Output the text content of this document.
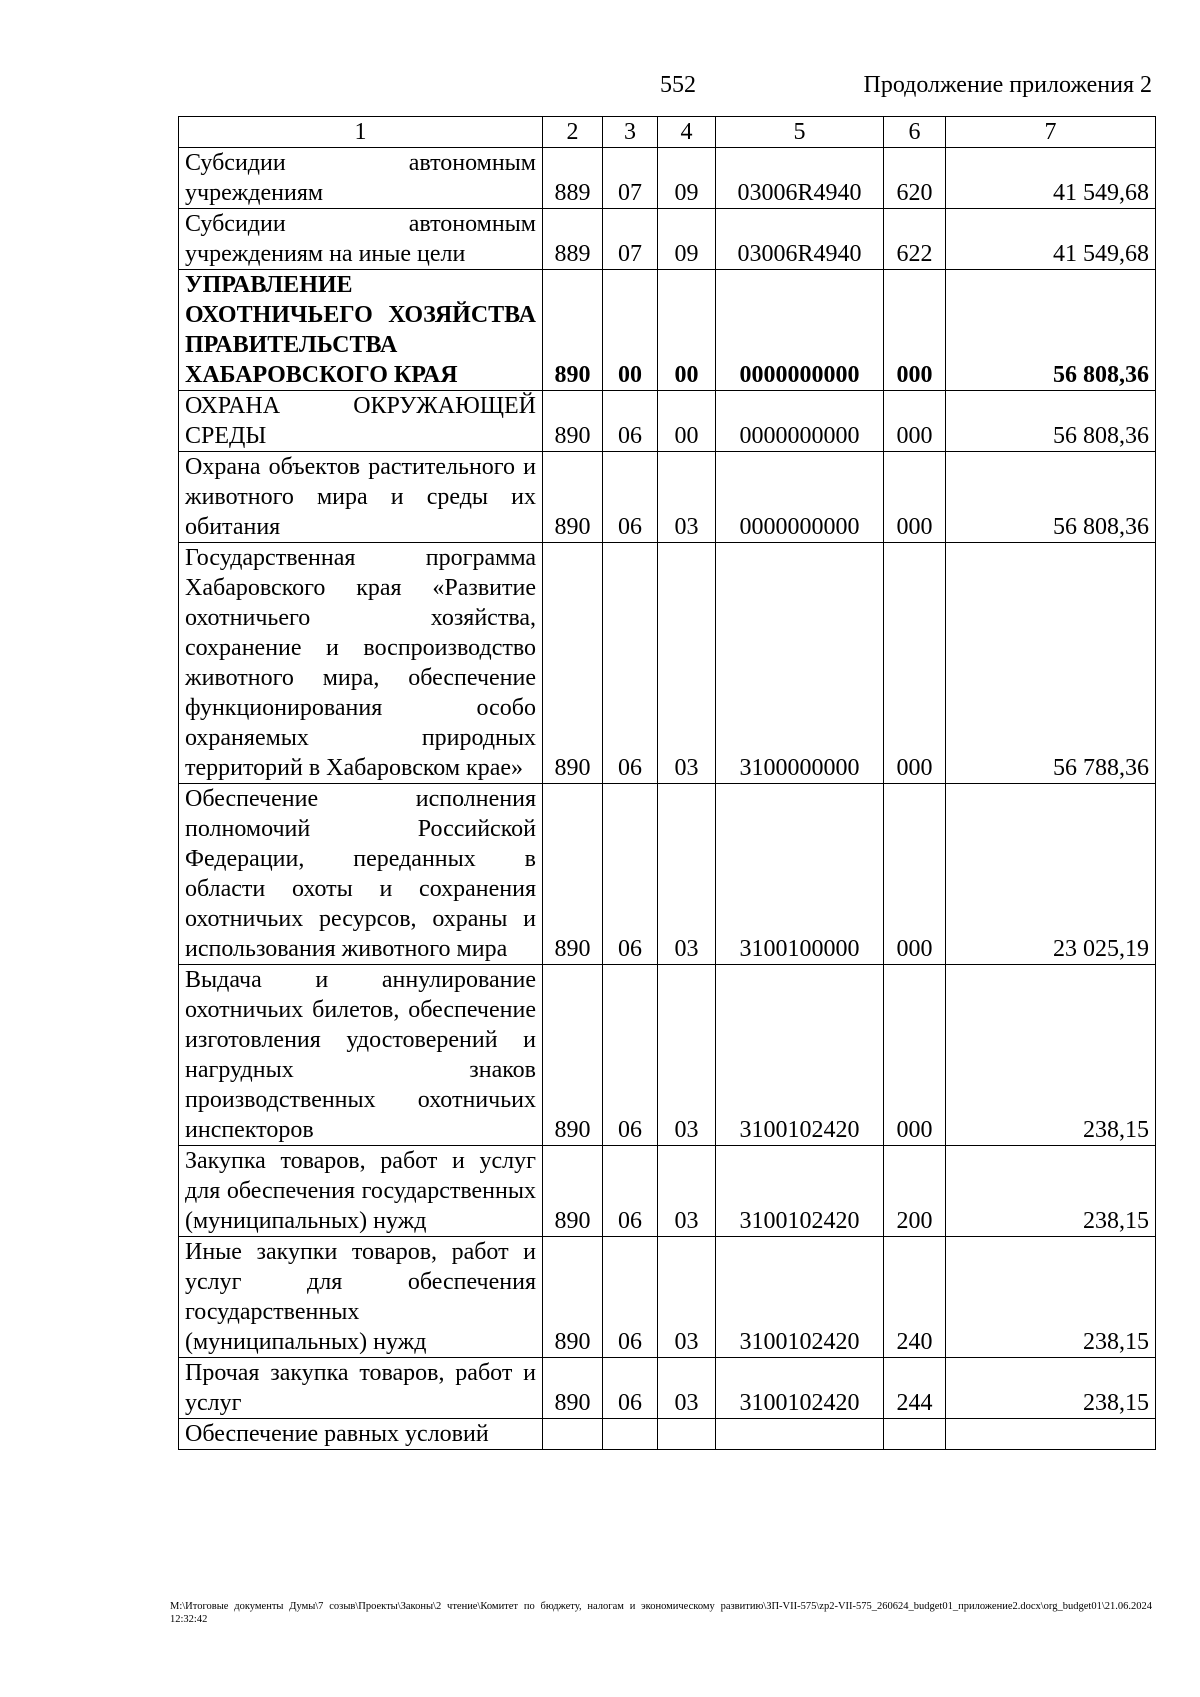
552	Продолжение приложения 2
1	2	3	4	5	6	7
Субсидии автономным учреждениям	889	07	09	03006R4940	620	41 549,68
Субсидии автономным учреждениям на иные цели	889	07	09	03006R4940	622	41 549,68
УПРАВЛЕНИЕ ОХОТНИЧЬЕГО ХОЗЯЙСТВА ПРАВИТЕЛЬСТВА ХАБАРОВСКОГО КРАЯ	890	00	00	0000000000	000	56 808,36
ОХРАНА ОКРУЖАЮЩЕЙ СРЕДЫ	890	06	00	0000000000	000	56 808,36
Охрана объектов растительного и животного мира и среды их обитания	890	06	03	0000000000	000	56 808,36
Государственная программа Хабаровского края «Развитие охотничьего хозяйства, сохранение и воспроизводство животного мира, обеспечение функционирования особо охраняемых природных территорий в Хабаровском крае»	890	06	03	3100000000	000	56 788,36
Обеспечение исполнения полномочий Российской Федерации, переданных в области охоты и сохранения охотничьих ресурсов, охраны и использования животного мира	890	06	03	3100100000	000	23 025,19
Выдача и аннулирование охотничьих билетов, обеспечение изготовления удостоверений и нагрудных знаков производственных охотничьих инспекторов	890	06	03	3100102420	000	238,15
Закупка товаров, работ и услуг для обеспечения государственных (муниципальных) нужд	890	06	03	3100102420	200	238,15
Иные закупки товаров, работ и услуг для обеспечения государственных (муниципальных) нужд	890	06	03	3100102420	240	238,15
Прочая закупка товаров, работ и услуг	890	06	03	3100102420	244	238,15
Обеспечение равных условий						
M:\Итоговые документы Думы\7 созыв\Проекты\Законы\2 чтение\Комитет по бюджету, налогам и экономическому развитию\ЗП-VII-575\zp2-VII-575_260624_budget01_приложение2.docx\org_budget01\21.06.2024 12:32:42
